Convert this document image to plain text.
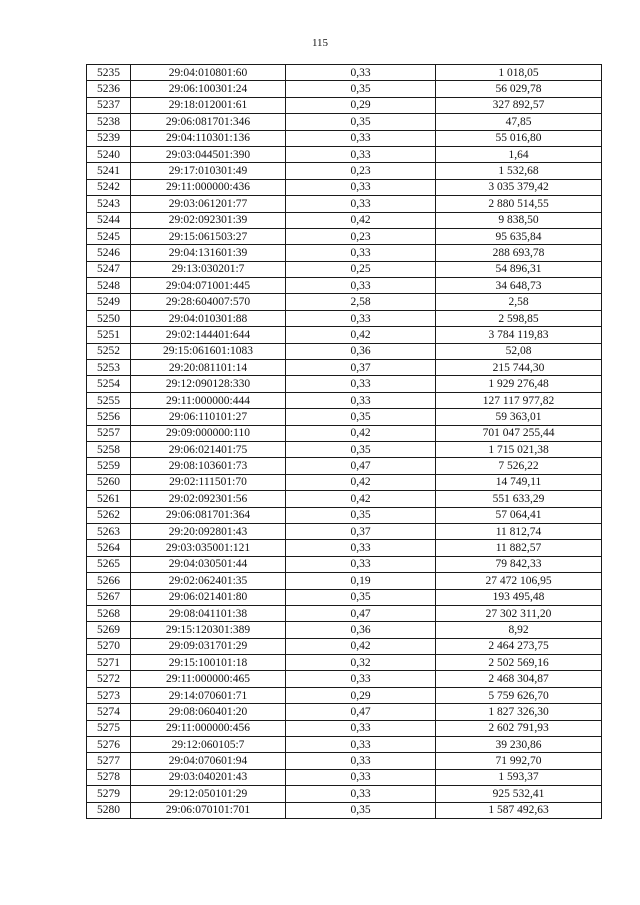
115
5235	29:04:010801:60	0,33	1 018,05
5236	29:06:100301:24	0,35	56 029,78
5237	29:18:012001:61	0,29	327 892,57
5238	29:06:081701:346	0,35	47,85
5239	29:04:110301:136	0,33	55 016,80
5240	29:03:044501:390	0,33	1,64
5241	29:17:010301:49	0,23	1 532,68
5242	29:11:000000:436	0,33	3 035 379,42
5243	29:03:061201:77	0,33	2 880 514,55
5244	29:02:092301:39	0,42	9 838,50
5245	29:15:061503:27	0,23	95 635,84
5246	29:04:131601:39	0,33	288 693,78
5247	29:13:030201:7	0,25	54 896,31
5248	29:04:071001:445	0,33	34 648,73
5249	29:28:604007:570	2,58	2,58
5250	29:04:010301:88	0,33	2 598,85
5251	29:02:144401:644	0,42	3 784 119,83
5252	29:15:061601:1083	0,36	52,08
5253	29:20:081101:14	0,37	215 744,30
5254	29:12:090128:330	0,33	1 929 276,48
5255	29:11:000000:444	0,33	127 117 977,82
5256	29:06:110101:27	0,35	59 363,01
5257	29:09:000000:110	0,42	701 047 255,44
5258	29:06:021401:75	0,35	1 715 021,38
5259	29:08:103601:73	0,47	7 526,22
5260	29:02:111501:70	0,42	14 749,11
5261	29:02:092301:56	0,42	551 633,29
5262	29:06:081701:364	0,35	57 064,41
5263	29:20:092801:43	0,37	11 812,74
5264	29:03:035001:121	0,33	11 882,57
5265	29:04:030501:44	0,33	79 842,33
5266	29:02:062401:35	0,19	27 472 106,95
5267	29:06:021401:80	0,35	193 495,48
5268	29:08:041101:38	0,47	27 302 311,20
5269	29:15:120301:389	0,36	8,92
5270	29:09:031701:29	0,42	2 464 273,75
5271	29:15:100101:18	0,32	2 502 569,16
5272	29:11:000000:465	0,33	2 468 304,87
5273	29:14:070601:71	0,29	5 759 626,70
5274	29:08:060401:20	0,47	1 827 326,30
5275	29:11:000000:456	0,33	2 602 791,93
5276	29:12:060105:7	0,33	39 230,86
5277	29:04:070601:94	0,33	71 992,70
5278	29:03:040201:43	0,33	1 593,37
5279	29:12:050101:29	0,33	925 532,41
5280	29:06:070101:701	0,35	1 587 492,63
